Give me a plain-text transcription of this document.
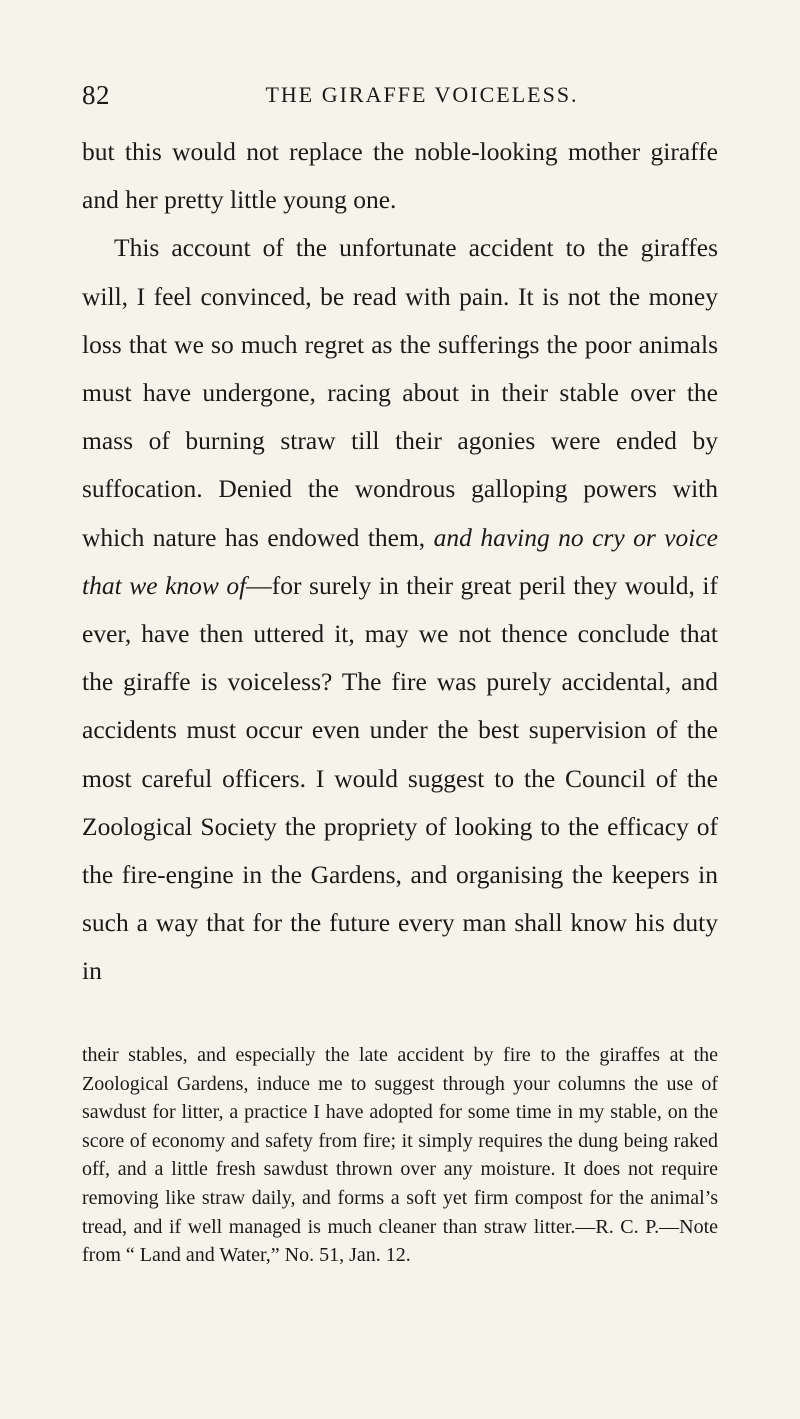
82	THE GIRAFFE VOICELESS.

but this would not replace the noble-looking mother giraffe and her pretty little young one.

This account of the unfortunate accident to the giraffes will, I feel convinced, be read with pain. It is not the money loss that we so much regret as the sufferings the poor animals must have undergone, racing about in their stable over the mass of burning straw till their agonies were ended by suffocation. Denied the wondrous galloping powers with which nature has endowed them, and having no cry or voice that we know of—for surely in their great peril they would, if ever, have then uttered it, may we not thence conclude that the giraffe is voiceless? The fire was purely accidental, and accidents must occur even under the best supervision of the most careful officers. I would suggest to the Council of the Zoological Society the propriety of looking to the efficacy of the fire-engine in the Gardens, and organising the keepers in such a way that for the future every man shall know his duty in

their stables, and especially the late accident by fire to the giraffes at the Zoological Gardens, induce me to suggest through your columns the use of sawdust for litter, a practice I have adopted for some time in my stable, on the score of economy and safety from fire; it simply requires the dung being raked off, and a little fresh sawdust thrown over any moisture. It does not require removing like straw daily, and forms a soft yet firm compost for the animal’s tread, and if well managed is much cleaner than straw litter.—R. C. P.—Note from “ Land and Water,” No. 51, Jan. 12.
